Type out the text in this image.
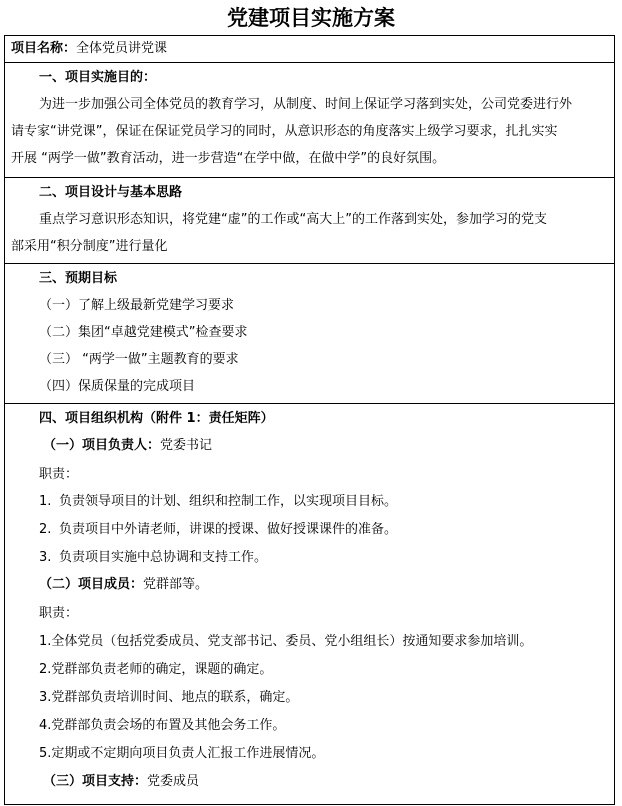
党建项目实施方案
项目名称：全体党员讲党课
一、项目实施目的：
为进一步加强公司全体党员的教育学习，从制度、时间上保证学习落到实处，公司党委进行外
请专家“讲党课”，保证在保证党员学习的同时，从意识形态的角度落实上级学习要求，扎扎实实
开展 “两学一做”教育活动，进一步营造“在学中做，在做中学”的良好氛围。
二、项目设计与基本思路
重点学习意识形态知识，将党建“虚”的工作或“高大上”的工作落到实处，参加学习的党支
部采用“积分制度”进行量化
三、预期目标
（一）了解上级最新党建学习要求
（二）集团“卓越党建模式”检查要求
（三） “两学一做”主题教育的要求
（四）保质保量的完成项目
四、项目组织机构（附件 1：责任矩阵）
（一）项目负责人：党委书记
职责：
1. 负责领导项目的计划、组织和控制工作，以实现项目目标。
2. 负责项目中外请老师，讲课的授课、做好授课课件的准备。
3. 负责项目实施中总协调和支持工作。
（二）项目成员：党群部等。
职责：
1.全体党员（包括党委成员、党支部书记、委员、党小组组长）按通知要求参加培训。
2.党群部负责老师的确定，课题的确定。
3.党群部负责培训时间、地点的联系，确定。
4.党群部负责会场的布置及其他会务工作。
5.定期或不定期向项目负责人汇报工作进展情况。
（三）项目支持：党委成员
